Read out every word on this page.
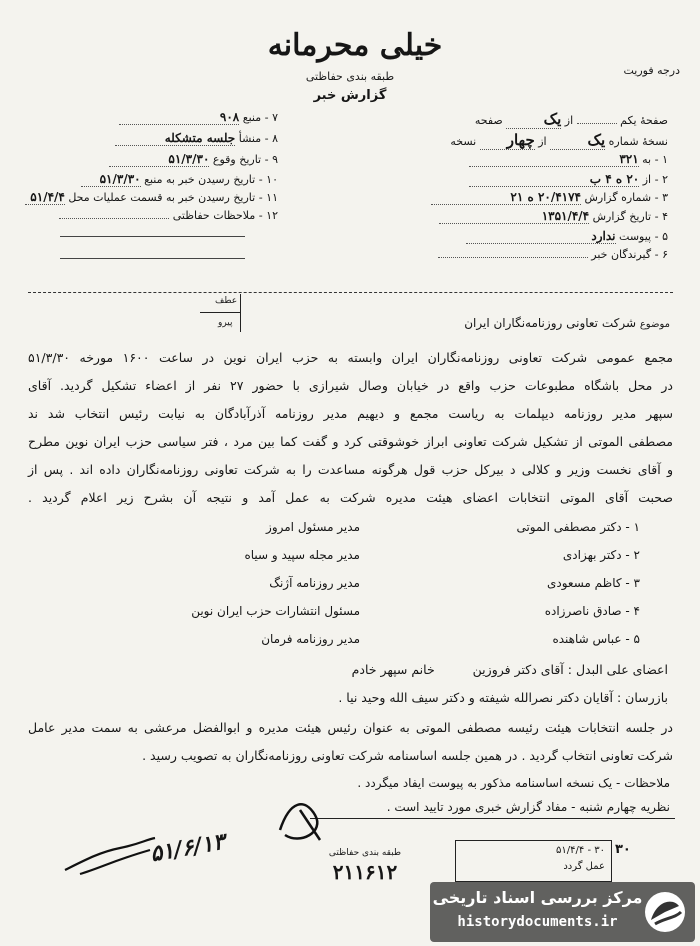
خیلی محرمانه
طبقه بندی حفاظتی
گزارش خبر
درجه فوریت
۷ - منبع ۹۰۸
۸ - منشأ جلسه متشکله
۹ - تاریخ وقوع ۵۱/۳/۳۰
۱۰ - تاریخ رسیدن خبر به منبع ۵۱/۳/۳۰
۱۱ - تاریخ رسیدن خبر به قسمت عملیات محل ۵۱/۴/۴
۱۲ - ملاحظات حفاظتی
صفحهٔ یکم  از یک صفحه
نسخهٔ شماره یک از چهار نسخه
۱ - به ۳۲۱
۲ - از ۲۰ ه ۴ ب
۳ - شماره گزارش ۲۰/۴۱۷۴ ه ۲۱
۴ - تاریخ گزارش ۱۳۵۱/۴/۴
۵ - پیوست ندارد
۶ - گیرندگان خبر
عطف
پیرو	موضوع شرکت تعاونی روزنامه‌نگاران ایران
مجمع عمومی شرکت تعاونی روزنامه‌نگاران ایران وابسته به حزب ایران نوین در ساعت ۱۶۰۰ مورخه ۵۱/۳/۳۰
در محل باشگاه مطبوعات حزب واقع در خیابان وصال شیرازی با حضور ۲۷ نفر از اعضاء تشکیل گردید. آقای
سپهر مدیر روزنامه دیپلمات به ریاست مجمع و دیهیم مدیر روزنامه آذرآبادگان به نیابت رئیس انتخاب شد ند
مصطفی الموتی از تشکیل شرکت تعاونی ابراز خوشوقتی کرد و گفت کما بین مرد ، فتر سیاسی حزب ایران نوین مطرح
و آقای نخست وزیر و کلالی د بیرکل حزب قول هرگونه مساعدت را به شرکت تعاونی روزنامه‌نگاران داده اند . پس از
صحبت آقای الموتی انتخابات اعضای هیئت مدیره شرکت به عمل آمد و نتیجه آن بشرح زیر اعلام گردید .
۱ - دکتر مصطفی الموتی
مدیر مسئول امروز
۲ - دکتر بهزادی
مدیر مجله سپید و سیاه
۳ - کاظم مسعودی
مدیر روزنامه آژنگ
۴ - صادق ناصرزاده
مسئول انتشارات حزب ایران نوین
۵ - عباس شاهنده
مدیر روزنامه فرمان
اعضای علی البدل : آقای دکتر فروزین  خانم سپهر خادم
بازرسان : آقایان دکتر نصرالله شیفته و دکتر سیف الله وحید نیا .
در جلسه انتخابات هیئت رئیسه مصطفی الموتی به عنوان رئیس هیئت مدیره و ابوالفضل مرعشی به سمت مدیر عامل
شرکت تعاونی انتخاب گردید . در همین جلسه اساسنامه شرکت تعاونی روزنامه‌نگاران به تصویب رسید .
ملاحظات - یک نسخه اساسنامه مذکور به پیوست ایفاد میگردد .
نظریه چهارم شنبه - مفاد گزارش خبری مورد تایید است .
۳۰ - ۵۱/۴/۴
عمل گردد
طبقه بندی حفاظتی
۲۱۱۶۱۲
۵۱/۶/۱۳	۳۰
مرکز بررسی اسناد تاریخی
historydocuments.ir
